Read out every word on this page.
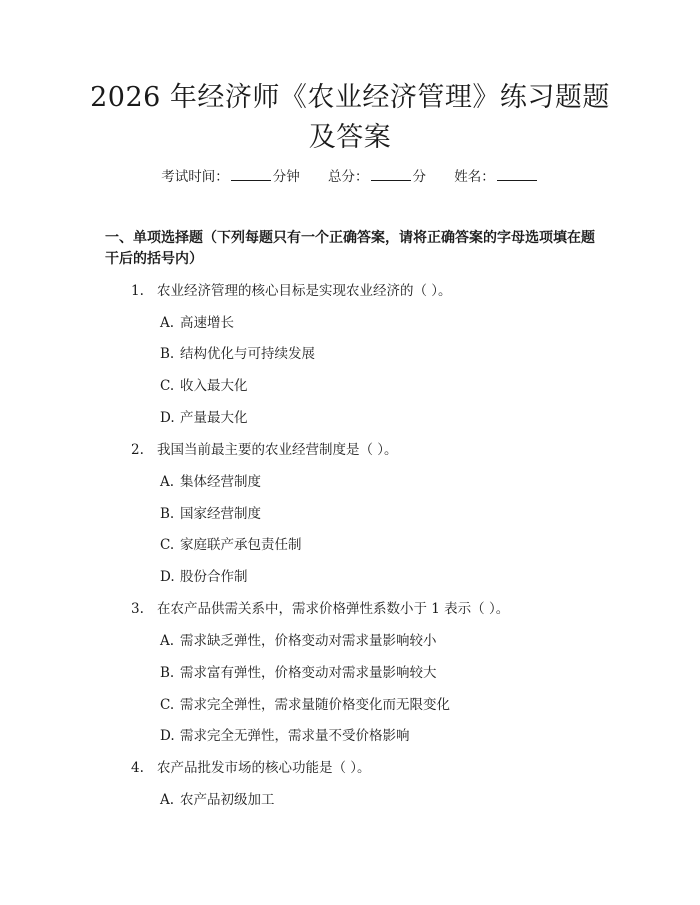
2026 年经济师《农业经济管理》练习题题及答案
考试时间：	分钟 总分：	分 姓名：
一、单项选择题（下列每题只有一个正确答案，请将正确答案的字母选项填在题干后的括号内）
1. 农业经济管理的核心目标是实现农业经济的（ ）。
A. 高速增长
B. 结构优化与可持续发展
C. 收入最大化
D. 产量最大化
2. 我国当前最主要的农业经营制度是（ ）。
A. 集体经营制度
B. 国家经营制度
C. 家庭联产承包责任制
D. 股份合作制
3. 在农产品供需关系中，需求价格弹性系数小于 1 表示（ ）。
A. 需求缺乏弹性，价格变动对需求量影响较小
B. 需求富有弹性，价格变动对需求量影响较大
C. 需求完全弹性，需求量随价格变化而无限变化
D. 需求完全无弹性，需求量不受价格影响
4. 农产品批发市场的核心功能是（ ）。
A. 农产品初级加工
